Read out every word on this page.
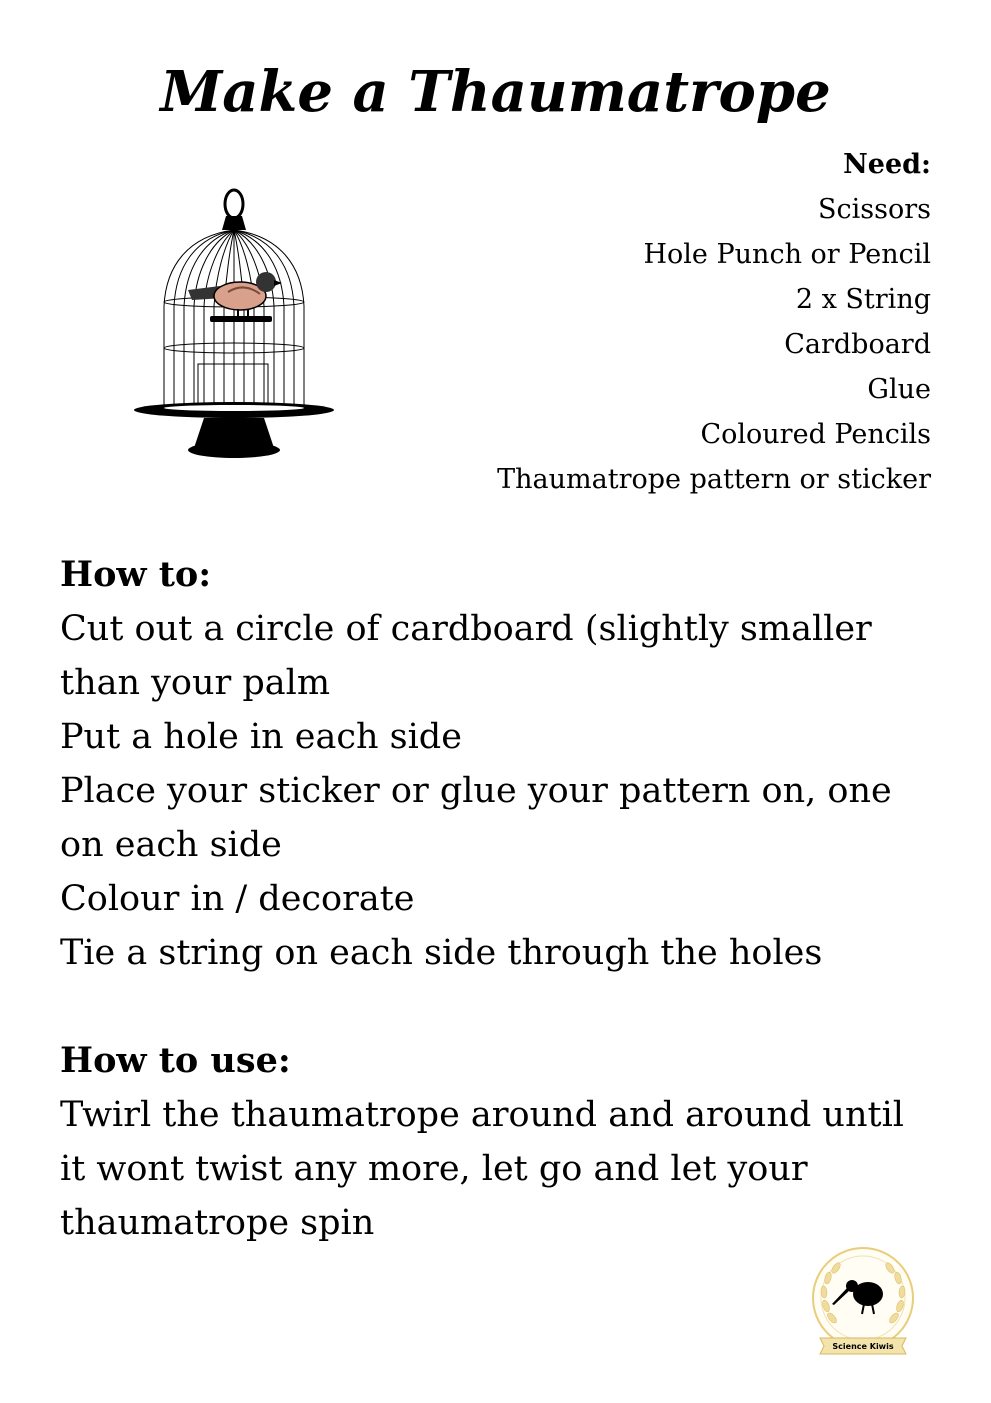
Make a Thaumatrope
Need:
Scissors
Hole Punch or Pencil
2 x String
Cardboard
Glue
Coloured Pencils
Thaumatrope pattern or sticker
How to:

Cut out a circle of cardboard (slightly smaller

than your palm

Put a hole in each side

Place your sticker or glue your pattern on, one

on each side

Colour in / decorate

Tie a string on each side through the holes

How to use:

Twirl the thaumatrope around and around until

it wont twist any more, let go and let your

thaumatrope spin

Science Kiwis
